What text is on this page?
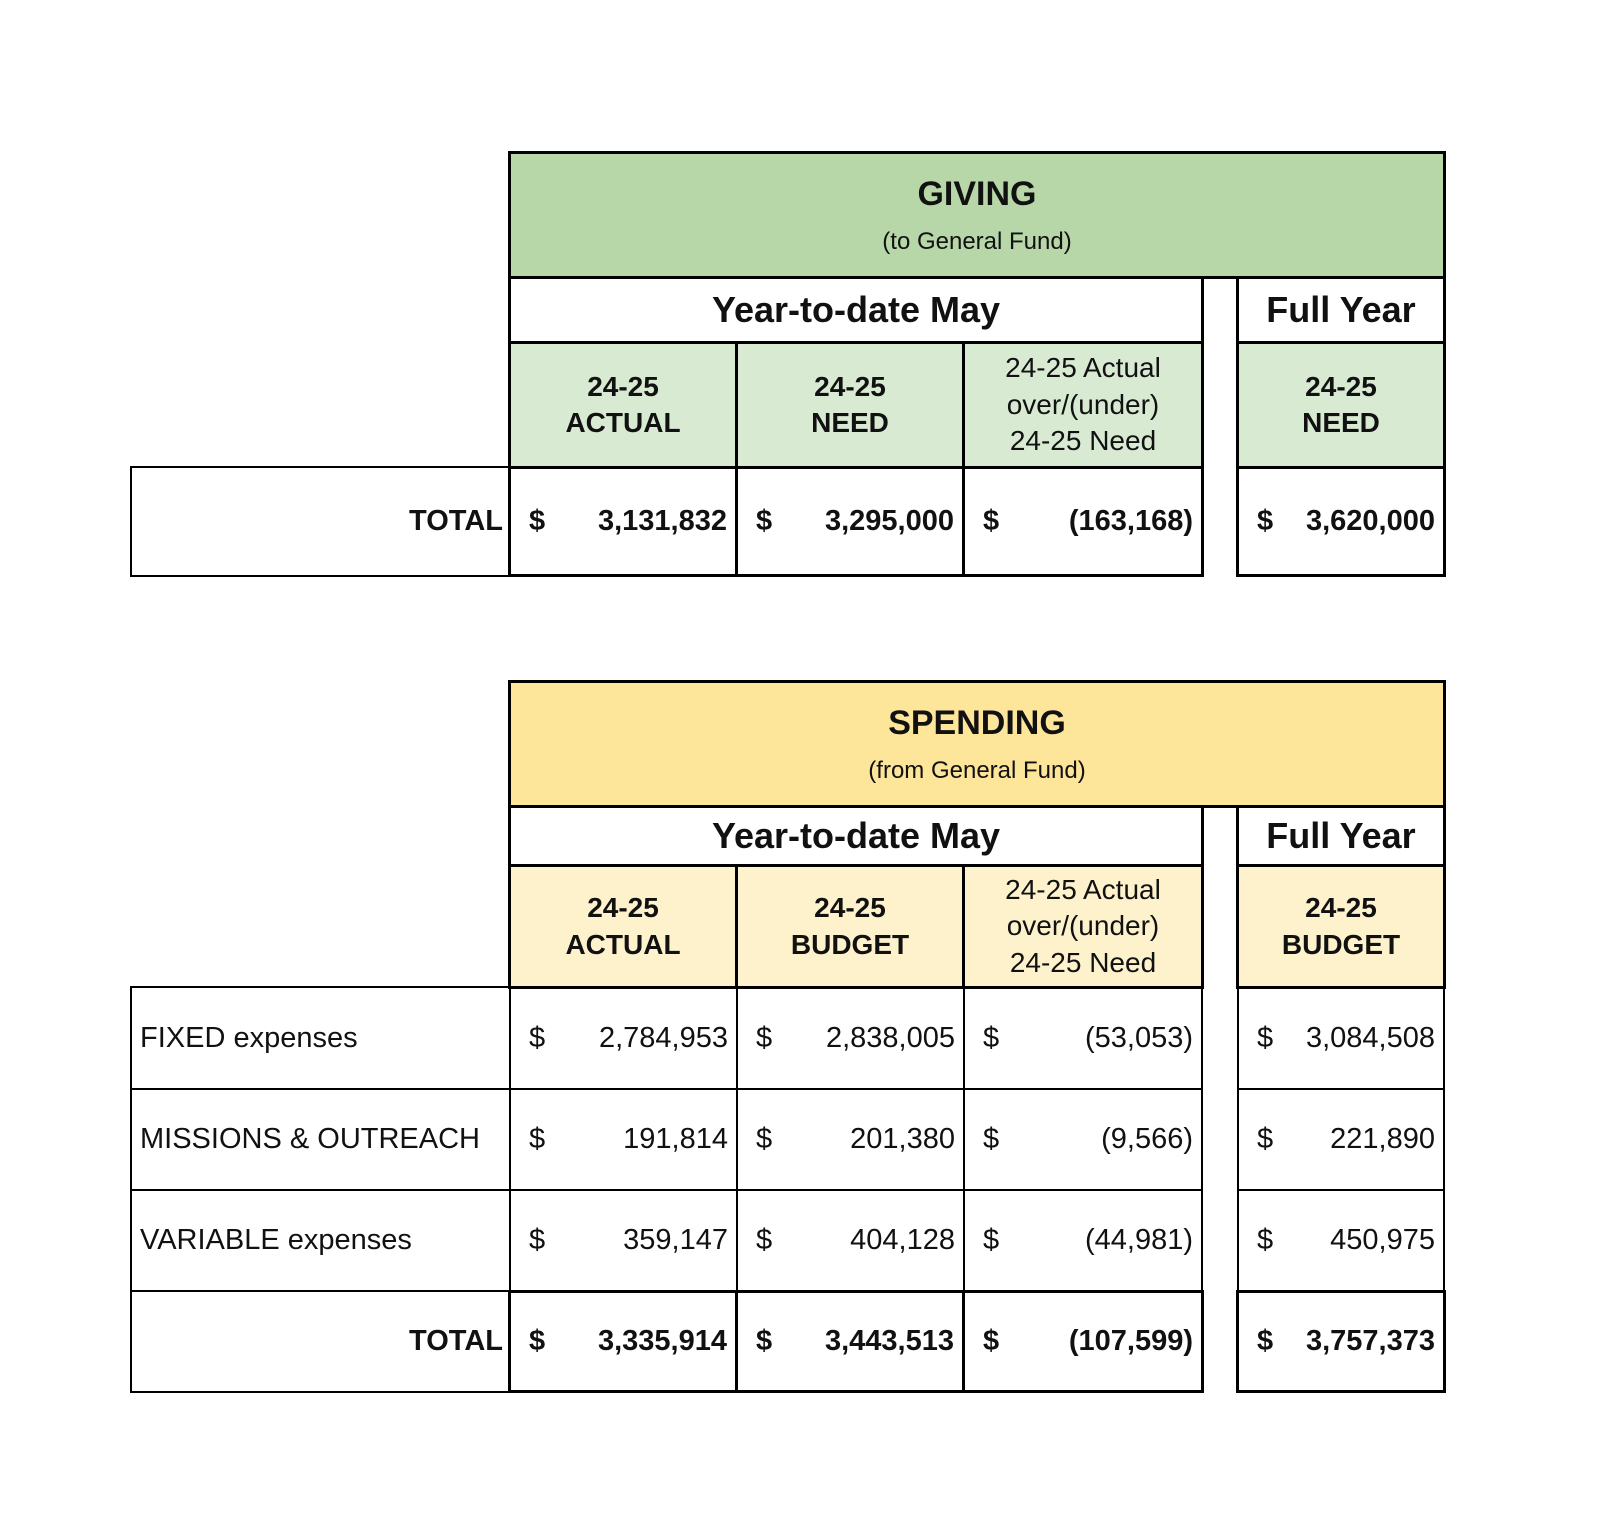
GIVING
(to General Fund)
Year-to-date May	Full Year
24-25
ACTUAL
24-25
NEED
24-25 Actual
over/(under)
24-25 Need
24-25
NEED
TOTAL $ 3,131,832 $ 3,295,000 $ (163,168) $ 3,620,000
SPENDING
(from General Fund)
Year-to-date May	Full Year
24-25
ACTUAL
24-25
BUDGET
24-25 Actual
over/(under)
24-25 Need
24-25
BUDGET
FIXED expenses	$ 2,784,953 $ 2,838,005 $	(53,053) $ 3,084,508
MISSIONS & OUTREACH $	191,814 $	201,380 $	(9,566) $ 221,890
VARIABLE expenses	$	359,147 $	404,128 $	(44,981) $ 450,975
TOTAL $ 3,335,914 $ 3,443,513 $ (107,599) $ 3,757,373
